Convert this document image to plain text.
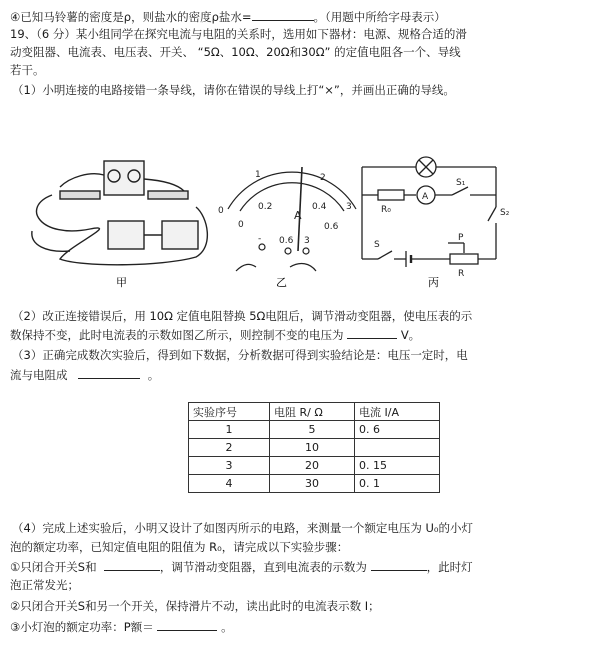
④已知马铃薯的密度是ρ，则盐水的密度ρ盐水=	。（用题中所给字母表示）
19、（6 分）某小组同学在探究电流与电阻的关系时，选用如下器材：电源、规格合适的滑
动变阻器、电流表、电压表、开关、 “5Ω、10Ω、20Ω和30Ω” 的定值电阻各一个、导线
若干。
（1）小明连接的电路接错一条导线，请你在错误的导线上打“×”，并画出正确的导线。
甲
0
1	2
3
0
0.2	0.4
0.6
A
- 0.6 3
乙
R₀
A
S₁
S₂
S
P
R
丙
（2）改正连接错误后，用 10Ω 定值电阻替换 5Ω电阻后，调节滑动变阻器，使电压表的示
数保持不变，此时电流表的示数如图乙所示，则控制不变的电压为	V。
（3）正确完成数次实验后，得到如下数据，分析数据可得到实验结论是：电压一定时，电
流与电阻成	。
实验序号	电阻 R/ Ω	电流 I/A
1	5	0. 6
2	10	
3	20	0. 15
4	30	0. 1
（4）完成上述实验后，小明又设计了如图丙所示的电路，来测量一个额定电压为 U₀的小灯
泡的额定功率，已知定值电阻的阻值为 R₀，请完成以下实验步骤：
①只闭合开关S和	，调节滑动变阻器，直到电流表的示数为	，此时灯
泡正常发光；
②只闭合开关S和另一个开关，保持滑片不动，读出此时的电流表示数 I；
③小灯泡的额定功率：P额＝	。
